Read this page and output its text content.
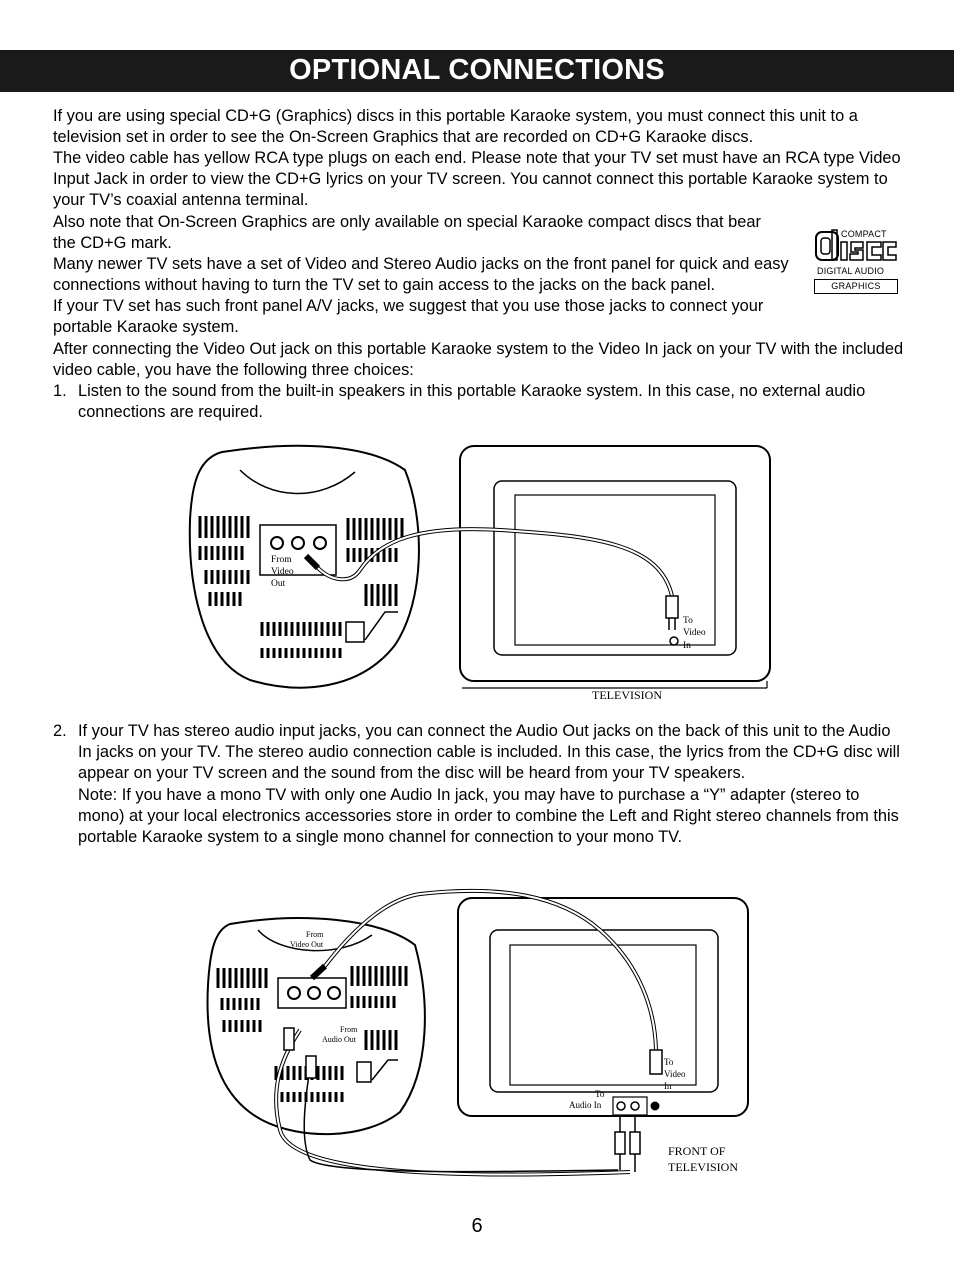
OPTIONAL CONNECTIONS

If you are using special CD+G (Graphics) discs in this portable Karaoke system, you must connect this unit to a television set in order to see the On-Screen Graphics that are recorded on CD+G Karaoke discs.

The video cable has yellow RCA type plugs on each end. Please note that your TV set must have an RCA type Video Input Jack in order to view the CD+G lyrics on your TV screen. You cannot connect this portable Karaoke system to your TV’s coaxial antenna terminal.

Also note that On-Screen Graphics are only available on special Karaoke compact discs that bear the CD+G mark.

Many newer TV sets have a set of Video and Stereo Audio jacks on the front panel for quick and easy connections without having to turn the TV set to gain access to the jacks on the back panel.

If your TV set has such front panel A/V jacks, we suggest that you use those jacks to connect your portable Karaoke system.

After connecting the Video Out jack on this portable Karaoke system to the Video In jack on your TV with the included video cable, you have the following three choices:

COMPACT
DIGITAL AUDIO
GRAPHICS
1. Listen to the sound from the built-in speakers in this portable Karaoke system. In this case, no external audio connections are required.

From
Video
Out
To
Video
In
TELEVISION
2. If your TV has stereo audio input jacks, you can connect the Audio Out jacks on the back of this unit to the Audio In jacks on your TV. The stereo audio connection cable is included. In this case, the lyrics from the CD+G disc will appear on your TV screen and the sound from the disc will be heard from your TV speakers.

Note: If you have a mono TV with only one Audio In jack, you may have to purchase a “Y” adapter (stereo to mono) at your local electronics accessories store in order to combine the Left and Right stereo channels from this portable Karaoke system to a single mono channel for connection to your mono TV.

From
Video Out
From
Audio Out
To
Video
In
To
Audio In
FRONT OF
TELEVISION
6
